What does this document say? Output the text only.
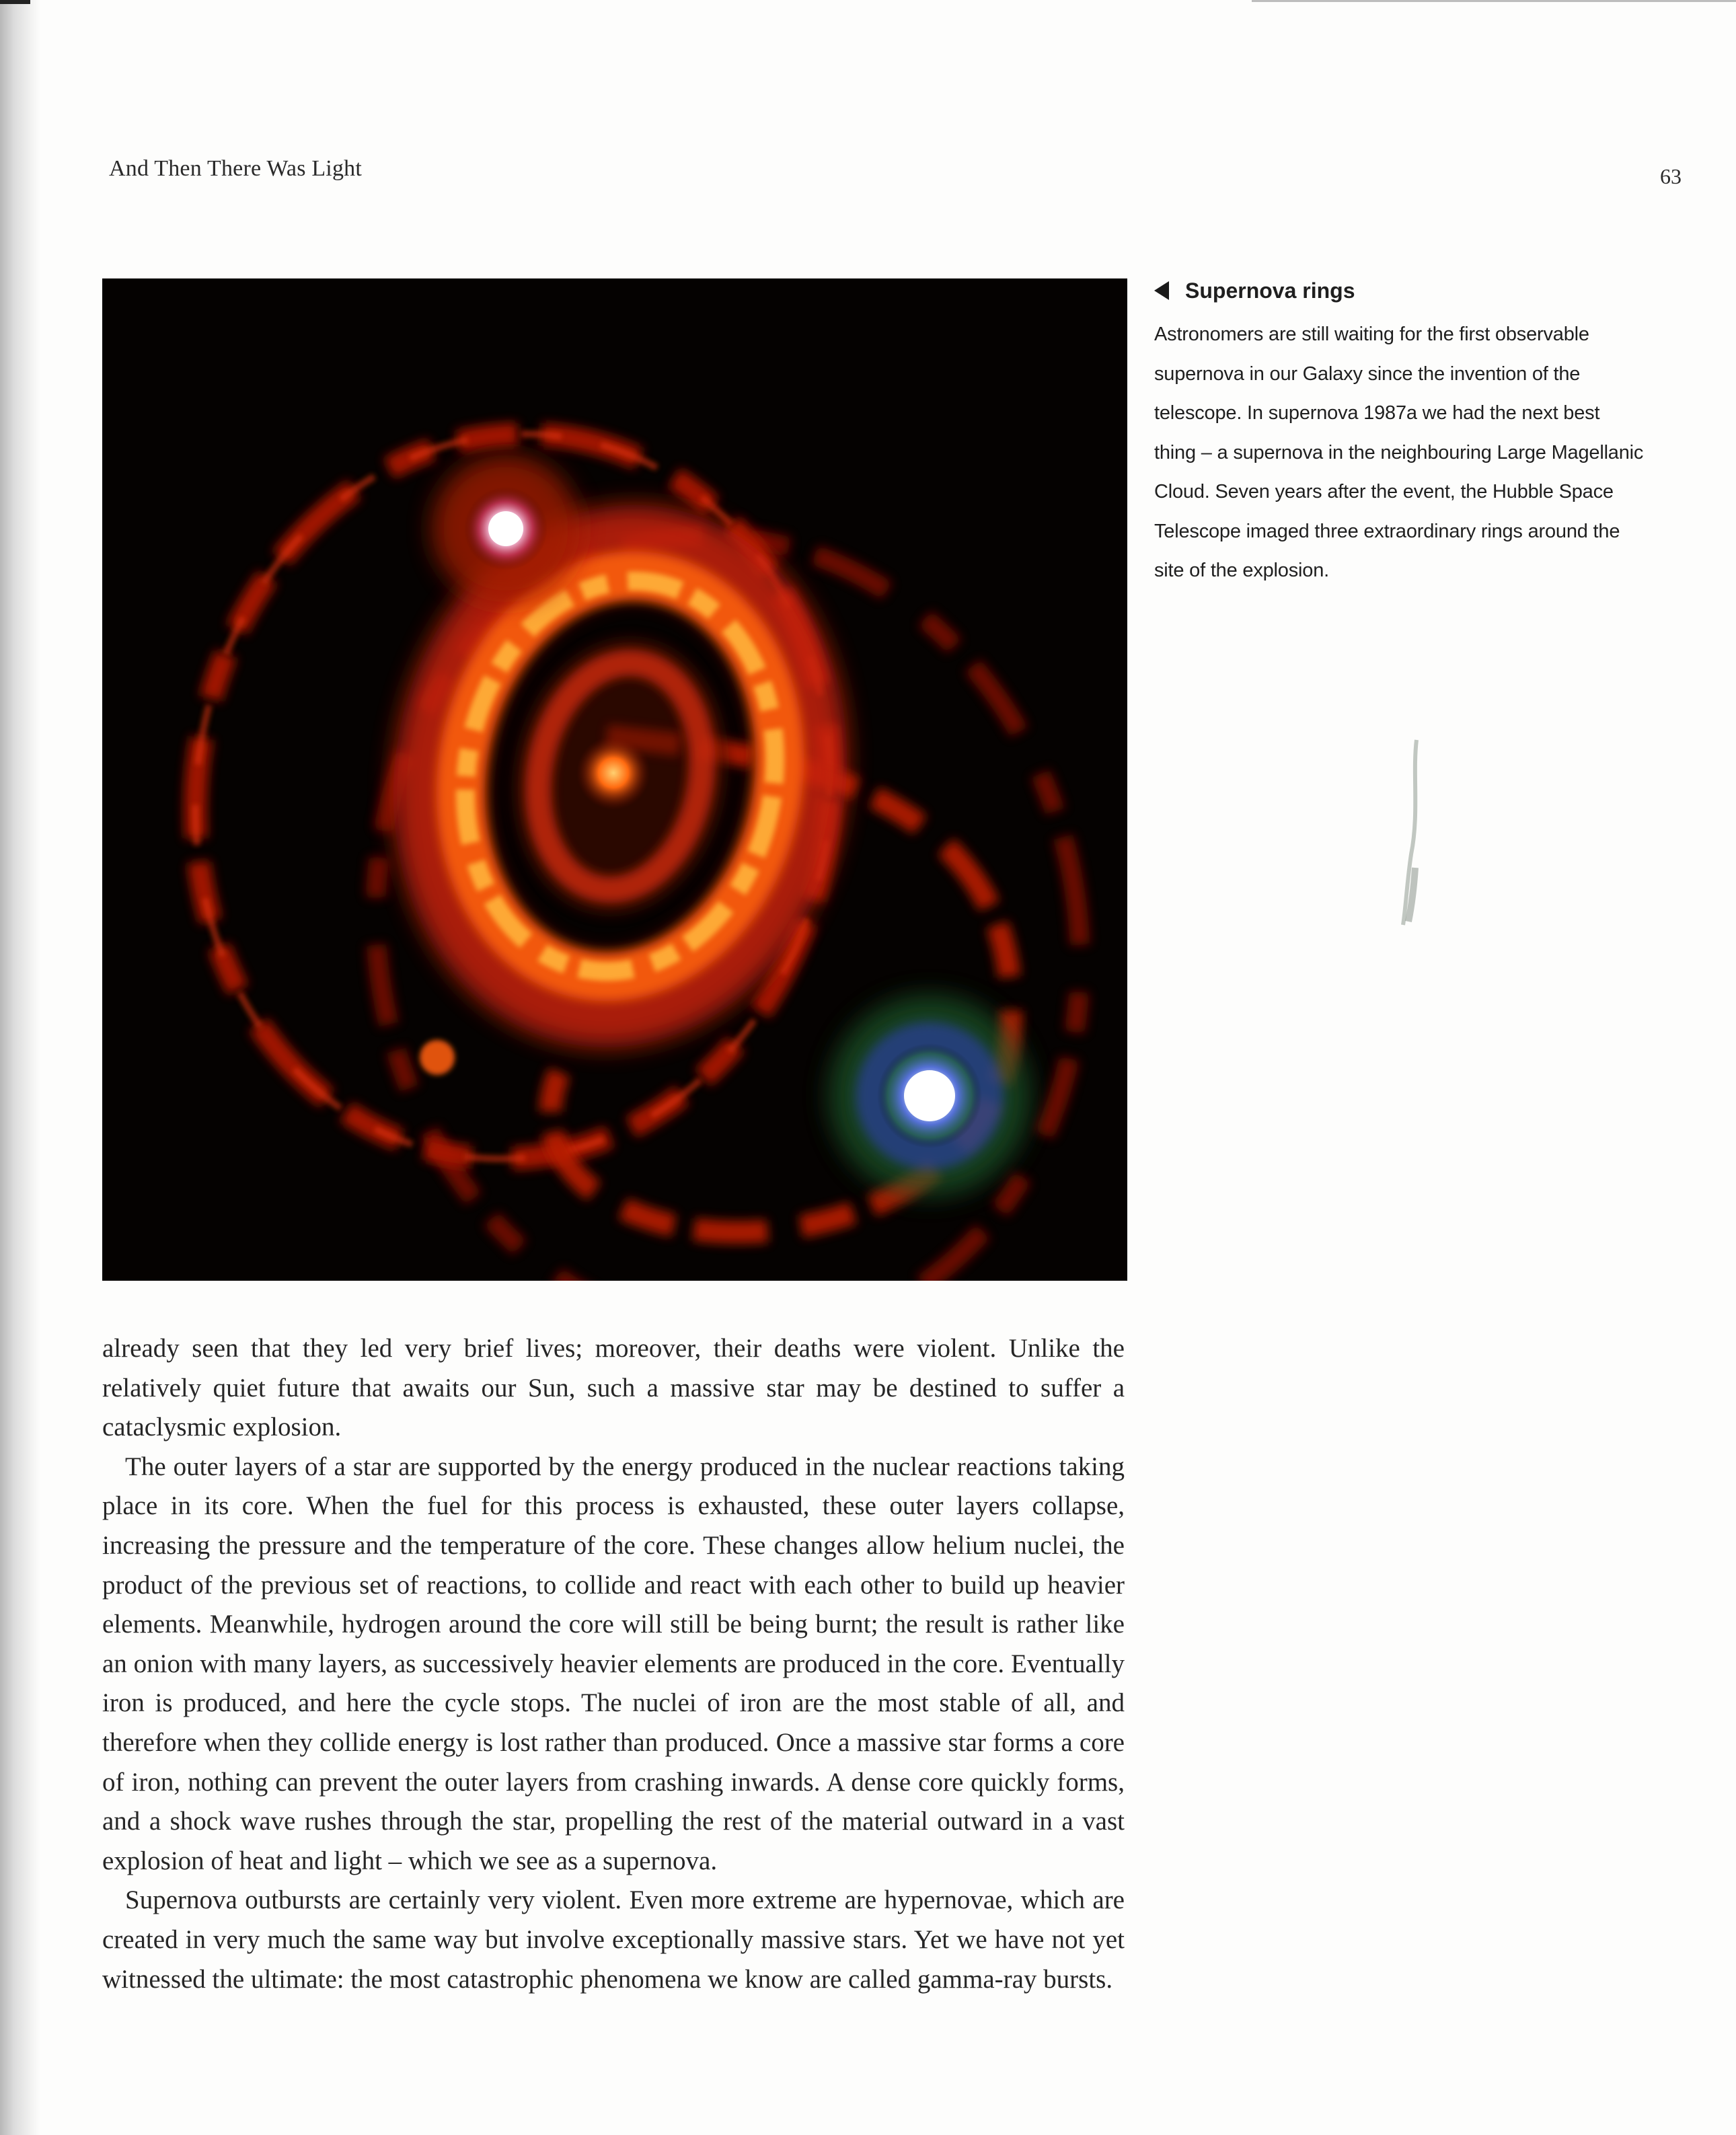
And Then There Was Light	63
Supernova rings

Astronomers are still waiting for the first observable supernova in our Galaxy since the invention of the telescope. In supernova 1987a we had the next best thing – a supernova in the neighbouring Large Magellanic Cloud. Seven years after the event, the Hubble Space Telescope imaged three extraordinary rings around the site of the explosion.

already seen that they led very brief lives; moreover, their deaths were violent. Unlike the relatively quiet future that awaits our Sun, such a massive star may be destined to suffer a cataclysmic explosion.

The outer layers of a star are supported by the energy produced in the nuclear reactions taking place in its core. When the fuel for this process is exhausted, these outer layers collapse, increasing the pressure and the temperature of the core. These changes allow helium nuclei, the product of the previous set of reactions, to collide and react with each other to build up heavier elements. Meanwhile, hydrogen around the core will still be being burnt; the result is rather like an onion with many layers, as successively heavier elements are produced in the core. Eventually iron is produced, and here the cycle stops. The nuclei of iron are the most stable of all, and therefore when they collide energy is lost rather than produced. Once a massive star forms a core of iron, nothing can prevent the outer layers from crashing inwards. A dense core quickly forms, and a shock wave rushes through the star, propelling the rest of the material outward in a vast explosion of heat and light – which we see as a supernova.

Supernova outbursts are certainly very violent. Even more extreme are hypernovae, which are created in very much the same way but involve exceptionally massive stars. Yet we have not yet witnessed the ultimate: the most catastrophic phenomena we know are called gamma-ray bursts.
